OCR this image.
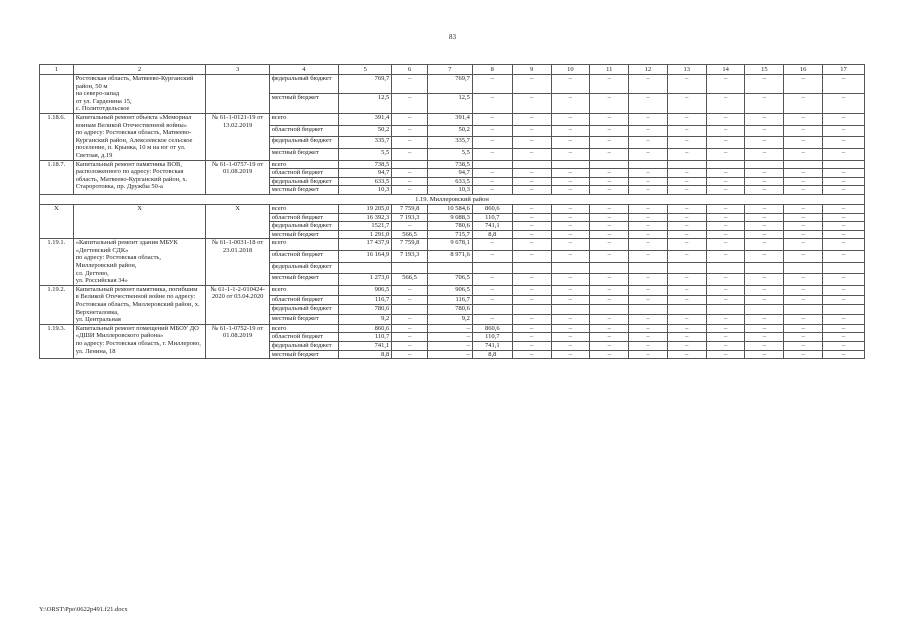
83
1	2	3	4	5	6	7	8	9	10	11	12	13	14	15	16	17
	Ростовская область, Матвеево-Курганский район, 50 м
на северо-запад
от ул. Гарденина 15,
с. Политотдельское		федеральный бюджет	769,7	–	769,7	–	–	–	–	–	–	–	–	–	–
			местный бюджет	12,5	–	12,5	–	–	–	–	–	–	–	–	–	–
1.18.6.	Капитальный ремонт объекта «Мемориал воинам Великой Отечественной войны»
по адресу: Ростовская область, Матвеево-Курганский район, Алексеевское сельское поселение, п. Крынка, 10 м на юг от ул. Светлая, д.19	№ 61-1-0121-19 от 13.02.2019	всего	391,4	–	391,4	–	–	–	–	–	–	–	–	–	–
			областной бюджет	50,2	–	50,2	–	–	–	–	–	–	–	–	–	–
			федеральный бюджет	335,7	–	335,7	–	–	–	–	–	–	–	–	–	–
			местный бюджет	5,5	–	5,5	–	–	–	–	–	–	–	–	–	–
1.18.7.	Капитальный ремонт памятника ВОВ, расположенного по адресу: Ростовская область, Матвеево-Курганский район, х. Староротовка, пр. Дружбы 50-а	№ 61-1-0757-19 от 01.08.2019	всего	738,5		738,5										
			областной бюджет	94,7	–	94,7	–	–	–	–	–	–	–	–	–	–
			федеральный бюджет	633,5	–	633,5	–	–	–	–	–	–	–	–	–	–
			местный бюджет	10,3	–	10,3	–	–	–	–	–	–	–	–	–	–
1.19. Миллеровский район																
Х	Х	Х	всего	19 205,0	7 759,8	10 584,6	860,6	–	–	–	–	–	–	–	–	–
			областной бюджет	16 392,3	7 193,3	9 088,3	110,7	–	–	–	–	–	–	–	–	–
			федеральный бюджет	1521,7	–	780,6	741,1	–	–	–	–	–	–	–	–	–
			местный бюджет	1 291,0	566,5	715,7	8,8	–	–	–	–	–	–	–	–	–
1.19.1.	«Капитальный ремонт здания МБУК «Дегтевский СДК»
по адресу: Ростовская область, Миллеровский район,
сл. Дегтево,
ул. Российская 34»	№ 61-1-0031-18 от 23.01.2018	всего	17 437,9	7 759,8	9 678,1	–	–	–	–	–	–	–	–	–	–
			областной бюджет	16 164,9	7 193,3	8 971,6	–	–	–	–	–	–	–	–	–	–
			федеральный бюджет													
			местный бюджет	1 273,0	566,5	706,5	–	–	–	–	–	–	–	–	–	–
1.19.2.	Капитальный ремонт памятника, погибшим
в Великой Отечественной войне по адресу: Ростовская область, Миллеровский район, х. Верхнеталовка,
ул. Центральная	№ 61-1-1-2-010424-2020 от 03.04.2020	всего	906,5	–	906,5	–	–	–	–	–	–	–	–	–	–
			областной бюджет	116,7	–	116,7	–	–	–	–	–	–	–	–	–	–
			федеральный бюджет	780,6		780,6										
			местный бюджет	9,2	–	9,2	–	–	–	–	–	–	–	–	–	–
1.19.3.	Капитальный ремонт помещений МБОУ ДО «ДШИ Миллеровского района»
по адресу: Ростовская область, г. Миллерово, ул. Ленина, 18	№ 61-1-0752-19 от 01.08.2019	всего	860,6	–	–	860,6	–	–	–	–	–	–	–	–	–
			областной бюджет	110,7	–	–	110,7	–	–	–	–	–	–	–	–	–
			федеральный бюджет	741,1	–	–	741,1	–	–	–	–	–	–	–	–	–
			местный бюджет	8,8	–	–	8,8	–	–	–	–	–	–	–	–	–
Y:\ORST\Ppo\0622p491.f21.docx
